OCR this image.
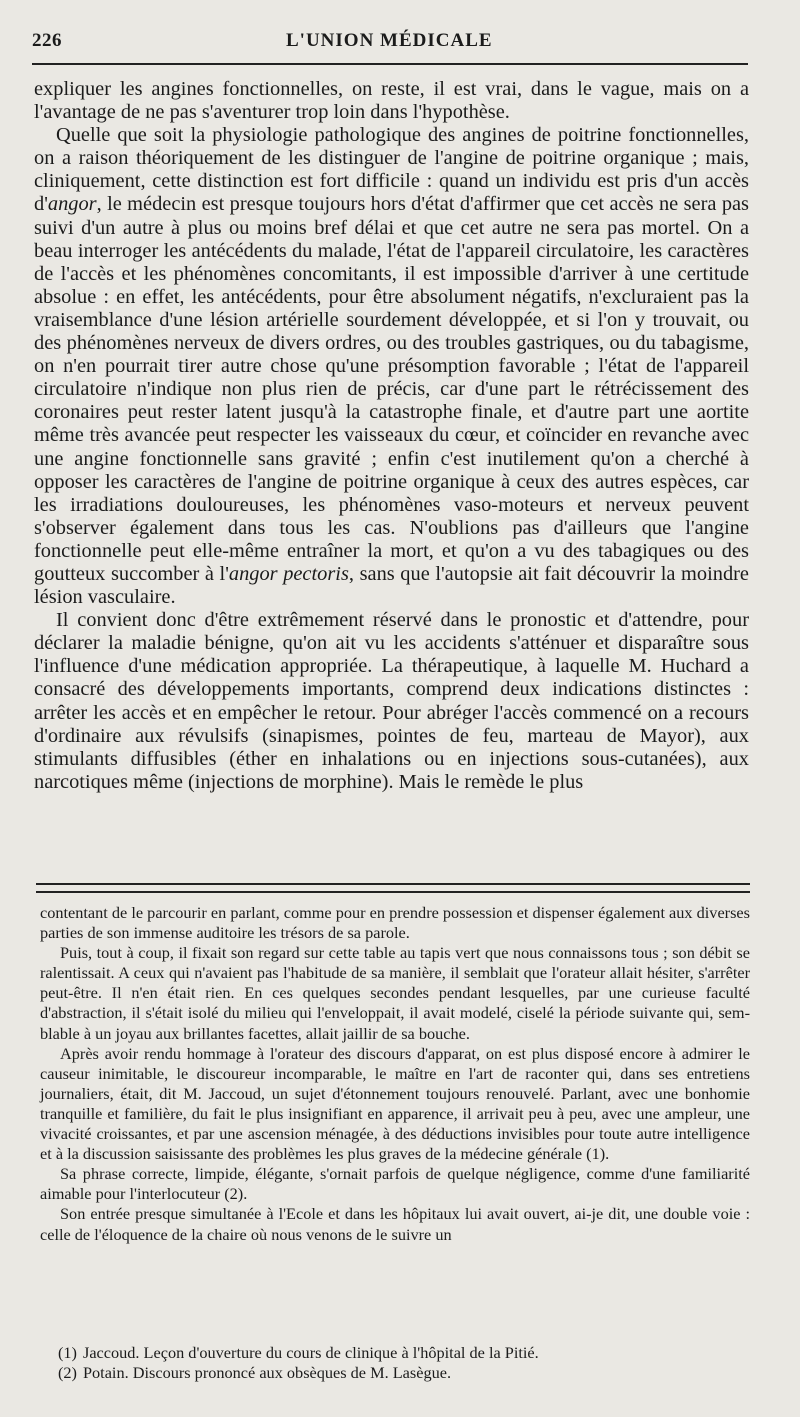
226	L'UNION MÉDICALE

expliquer les angines fonctionnelles, on reste, il est vrai, dans le vague, mais on a l'avantage de ne pas s'aventurer trop loin dans l'hypothèse.

Quelle que soit la physiologie pathologique des angines de poitrine fonctionnelles, on a raison théoriquement de les distinguer de l'angine de poitrine organique ; mais, cliniquement, cette distinction est fort difficile : quand un individu est pris d'un accès d'angor, le médecin est presque toujours hors d'état d'affirmer que cet accès ne sera pas suivi d'un autre à plus ou moins bref délai et que cet autre ne sera pas mortel. On a beau interroger les antécédents du malade, l'état de l'appareil circulatoire, les caractères de l'accès et les phénomènes concomitants, il est impossible d'arriver à une certitude absolue : en effet, les antécédents, pour être absolument négatifs, n'excluraient pas la vraisemblance d'une lésion artérielle sourdement développée, et si l'on y trouvait, ou des phénomènes nerveux de divers ordres, ou des troubles gastriques, ou du tabagisme, on n'en pourrait tirer autre chose qu'une présomption favorable ; l'état de l'appareil circulatoire n'indique non plus rien de précis, car d'une part le rétrécissement des coronaires peut rester latent jusqu'à la catastrophe finale, et d'autre part une aortite même très avancée peut respecter les vaisseaux du cœur, et coïncider en revanche avec une angine fonctionnelle sans gravité ; enfin c'est inutilement qu'on a cherché à opposer les caractères de l'angine de poitrine organique à ceux des autres espèces, car les irradiations douloureuses, les phénomènes vaso-moteurs et nerveux peuvent s'observer également dans tous les cas. N'oublions pas d'ailleurs que l'angine fonctionnelle peut elle-même entraîner la mort, et qu'on a vu des tabagiques ou des goutteux succomber à l'angor pectoris, sans que l'autopsie ait fait découvrir la moindre lésion vasculaire.

Il convient donc d'être extrêmement réservé dans le pronostic et d'attendre, pour déclarer la maladie bénigne, qu'on ait vu les accidents s'atténuer et disparaître sous l'influence d'une médication appropriée. La thérapeutique, à laquelle M. Huchard a consacré des développements importants, comprend deux indications distinctes : arrêter les accès et en empêcher le retour. Pour abréger l'accès commencé on a recours d'ordinaire aux révulsifs (sinapismes, pointes de feu, marteau de Mayor), aux stimulants diffusibles (éther en inhalations ou en injections sous-cutanées), aux narcotiques même (injections de morphine). Mais le remède le plus

contentant de le parcourir en parlant, comme pour en prendre possession et dispenser également aux diverses parties de son immense auditoire les trésors de sa parole.

Puis, tout à coup, il fixait son regard sur cette table au tapis vert que nous connaissons tous ; son débit se ralentissait. A ceux qui n'avaient pas l'habitude de sa manière, il semblait que l'orateur allait hésiter, s'arrêter peut-être. Il n'en était rien. En ces quelques secondes pendant lesquelles, par une curieuse faculté d'abstraction, il s'était isolé du milieu qui l'enveloppait, il avait modelé, ciselé la période suivante qui, semblable à un joyau aux brillantes facettes, allait jaillir de sa bouche.

Après avoir rendu hommage à l'orateur des discours d'apparat, on est plus disposé encore à admirer le causeur inimitable, le discoureur incomparable, le maître en l'art de raconter qui, dans ses entretiens journaliers, était, dit M. Jaccoud, un sujet d'étonnement toujours renouvelé. Parlant, avec une bonhomie tranquille et familière, du fait le plus insignifiant en apparence, il arrivait peu à peu, avec une ampleur, une vivacité croissantes, et par une ascension ménagée, à des déductions invisibles pour toute autre intelligence et à la discussion saisissante des problèmes les plus graves de la médecine générale (1).

Sa phrase correcte, limpide, élégante, s'ornait parfois de quelque négligence, comme d'une familiarité aimable pour l'interlocuteur (2).

Son entrée presque simultanée à l'Ecole et dans les hôpitaux lui avait ouvert, ai-je dit, une double voie : celle de l'éloquence de la chaire où nous venons de le suivre un

(1) Jaccoud. Leçon d'ouverture du cours de clinique à l'hôpital de la Pitié.

(2) Potain. Discours prononcé aux obsèques de M. Lasègue.
